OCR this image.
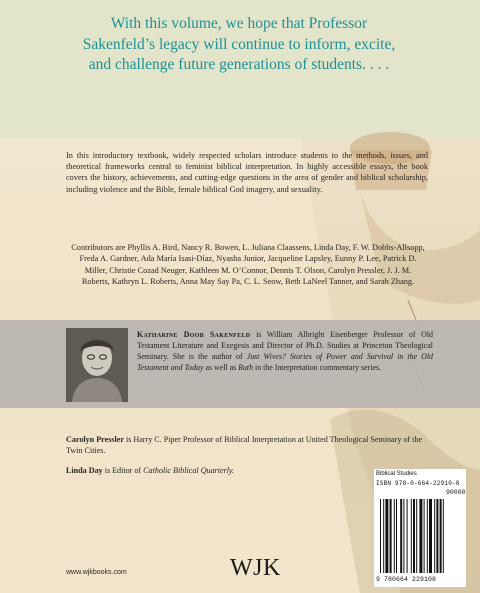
With this volume, we hope that Professor
Sakenfeld’s legacy will continue to inform, excite,
and challenge future generations of students. . . .
In this introductory textbook, widely respected scholars introduce students to the methods, issues, and theoretical frameworks central to feminist biblical interpretation. In highly accessible essays, the book covers the history, achievements, and cutting-edge questions in the area of gender and biblical scholarship, including violence and the Bible, female biblical God imagery, and sexuality.
Contributors are Phyllis A. Bird, Nancy R. Bowen, L. Juliana Claassens, Linda Day, F. W. Dobbs-Allsopp, Freda A. Gardner, Ada María Isasi-Díaz, Nyasha Junior, Jacqueline Lapsley, Eunny P. Lee, Patrick D. Miller, Christie Cozad Neuger, Kathleen M. O’Connor, Dennis T. Olson, Carolyn Pressler, J. J. M. Roberts, Kathryn L. Roberts, Anna May Say Pa, C. L. Seow, Beth LaNeel Tanner, and Sarah Zhang.
Katharine Doob Sakenfeld is William Albright Eisenberger Professor of Old Testament Literature and Exegesis and Director of Ph.D. Studies at Princeton Theological Seminary. She is the author of Just Wives? Stories of Power and Survival in the Old Testament and Today as well as Ruth in the Interpretation commentary series.
Carolyn Pressler is Harry C. Piper Professor of Biblical Interpretation at United Theological Seminary of the Twin Cities.
Linda Day is Editor of Catholic Biblical Quarterly.	Biblical Studies
ISBN 978-0-664-22910-8
90000
9 780664 229108
www.wjkbooks.com	WJK
